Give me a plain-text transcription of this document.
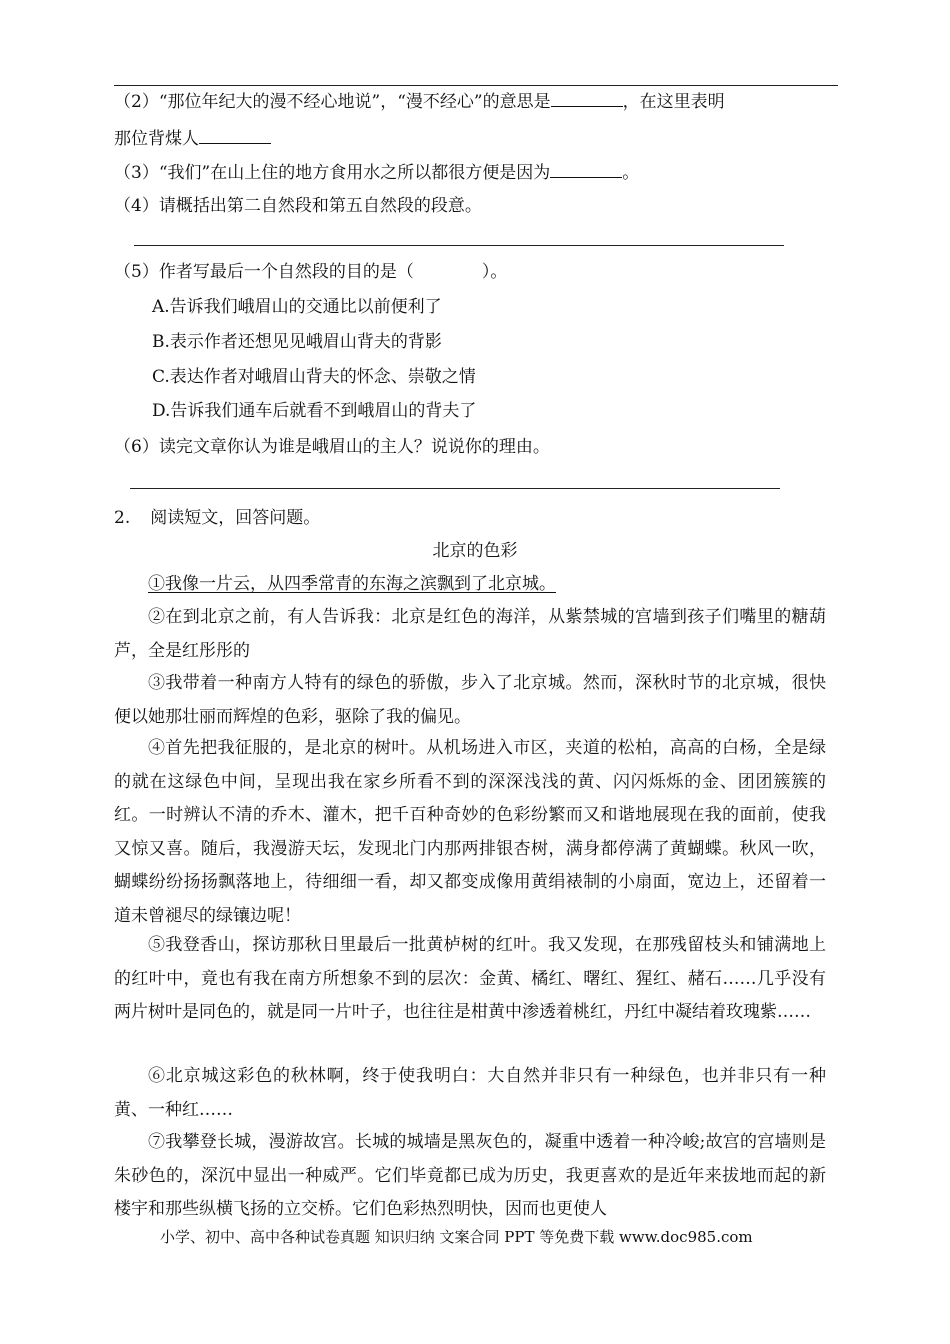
（2）“那位年纪大的漫不经心地说”，“漫不经心”的意思是	，在这里表明
那位背煤人
（3）“我们”在山上住的地方食用水之所以都很方便是因为	。
（4）请概括出第二自然段和第五自然段的段意。
（5）作者写最后一个自然段的目的是（　　　　）。
A.告诉我们峨眉山的交通比以前便利了
B.表示作者还想见见峨眉山背夫的背影
C.表达作者对峨眉山背夫的怀念、崇敬之情
D.告诉我们通车后就看不到峨眉山的背夫了
（6）读完文章你认为谁是峨眉山的主人？说说你的理由。
2. 阅读短文，回答问题。
北京的色彩
①我像一片云，从四季常青的东海之滨飘到了北京城。
②在到北京之前，有人告诉我：北京是红色的海洋，从紫禁城的宫墙到孩子们嘴里的糖葫芦，全是红彤彤的
③我带着一种南方人特有的绿色的骄傲，步入了北京城。然而，深秋时节的北京城，很快便以她那壮丽而辉煌的色彩，驱除了我的偏见。
④首先把我征服的，是北京的树叶。从机场进入市区，夹道的松柏，高高的白杨，全是绿的就在这绿色中间，呈现出我在家乡所看不到的深深浅浅的黄、闪闪烁烁的金、团团簇簇的红。一时辨认不清的乔木、灌木，把千百种奇妙的色彩纷繁而又和谐地展现在我的面前，使我又惊又喜。随后，我漫游天坛，发现北门内那两排银杏树，满身都停满了黄蝴蝶。秋风一吹，蝴蝶纷纷扬扬飘落地上，待细细一看，却又都变成像用黄绢裱制的小扇面，宽边上，还留着一道未曾褪尽的绿镶边呢！
⑤我登香山，探访那秋日里最后一批黄栌树的红叶。我又发现，在那残留枝头和铺满地上的红叶中，竟也有我在南方所想象不到的层次：金黄、橘红、曙红、猩红、赭石……几乎没有两片树叶是同色的，就是同一片叶子，也往往是柑黄中渗透着桃红，丹红中凝结着玫瑰紫……
⑥北京城这彩色的秋林啊，终于使我明白：大自然并非只有一种绿色，也并非只有一种黄、一种红……
⑦我攀登长城，漫游故宫。长城的城墙是黑灰色的，凝重中透着一种冷峻;故宫的宫墙则是朱砂色的，深沉中显出一种威严。它们毕竟都已成为历史，我更喜欢的是近年来拔地而起的新楼宇和那些纵横飞扬的立交桥。它们色彩热烈明快，因而也更使人
小学、初中、高中各种试卷真题 知识归纳 文案合同 PPT 等免费下载 www.doc985.com
